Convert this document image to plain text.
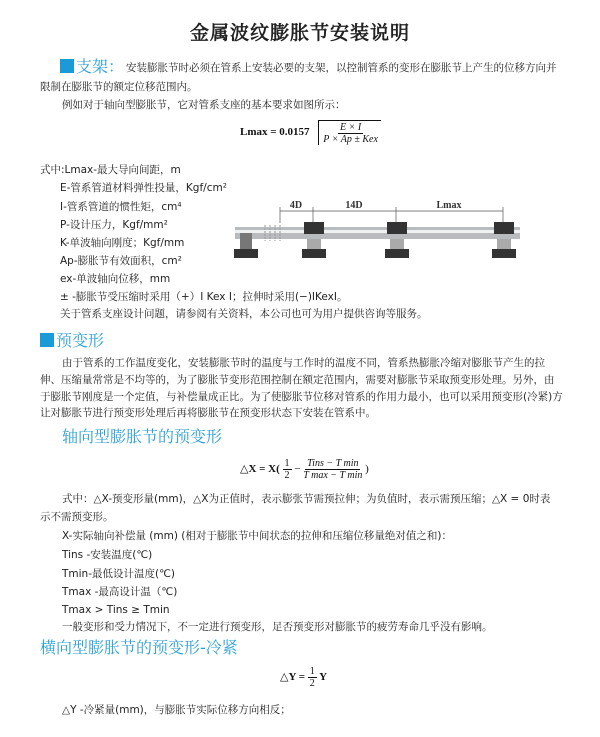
金属波纹膨胀节安装说明
支架： 安装膨胀节时必须在管系上安装必要的支架，以控制管系的变形在膨胀节上产生的位移方向并
限制在膨胀节的额定位移范围内。
例如对于轴向型膨胀节，它对管系支座的基本要求如图所示：
$Lmax = 0.0157 \frac{E \times I}{\text{P × Ap ± Kex}}$
式中:Lmax-最大导向间距，m
E-管系管道材料弹性投量，Kgf/cm²
I-管系管道的惯性矩，cm⁴
P-设计压力，Kgf/mm²
K-单波轴向刚度；Kgf/mm
Ap-膨胀节有效面积，cm²
ex-单波轴向位移，mm
± -膨胀节受压缩时采用（+）I Kex I；拉伸时采用(−)IKexI。
关于管系支座设计问题，请参阅有关资料，本公司也可为用户提供咨询等服务。
4D	14D	Lmax
预变形
由于管系的工作温度变化，安装膨胀节时的温度与工作时的温度不同，管系热膨胀冷缩对膨胀节产生的拉
伸、压缩量常常是不均等的，为了膨胀节变形范围控制在额定范围内，需要对膨胀节采取预变形处理。另外，由
于膨胀节刚度是一个定值，与补偿量成正比。为了使膨胀节位移对管系的作用力最小，也可以采用预变形(冷紧)方
让对膨胀节进行预变形处理后再将膨胀节在预变形状态下安装在管系中。
轴向型膨胀节的预变形
△X = $X( \frac{1}{2} - \frac{\text{Tins − T min}}{\text{T max − T min}}$ )
式中：△X-预变形量(mm)，△X为正值时，表示膨张节需预拉伸；为负值时，表示需预压缩；△X = 0时表
示不需预变形。
X-实际轴向补偿量 (mm) (相对于膨胀节中间状态的拉伸和压缩位移量绝对值之和)：
Tins -安装温度(℃)
Tmin-最低设计温度(℃)
Tmax -最高设计温（℃)
Tmax > Tins ≥ Tmin
一般变形和受力情况下，不一定进行预变形，足否预变形对膨胀节的疲劳寿命几乎没有影响。
横向型膨胀节的预变形-冷紧
△Y = $\frac{1}{2}$ Y
△Y -冷紧量(mm)，与膨胀节实际位移方向相反；
